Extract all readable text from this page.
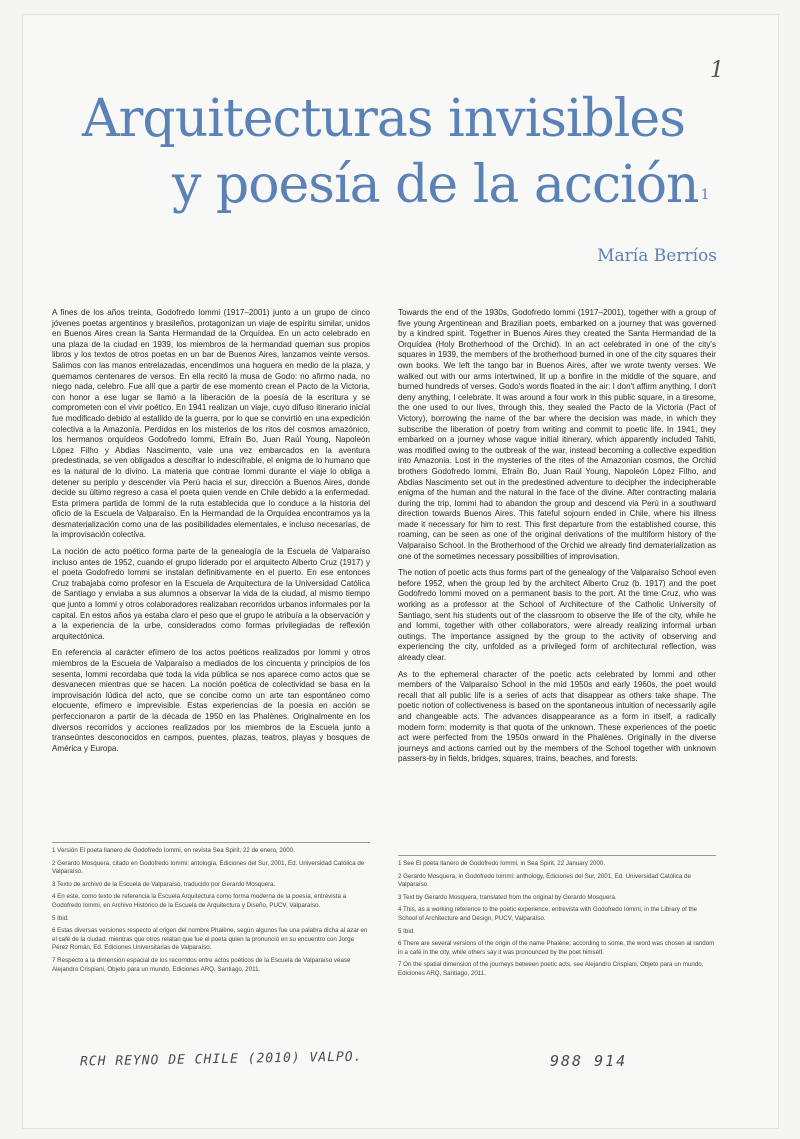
1
Arquitecturas invisibles
y poesía de la acción $^1$
María Berríos

A fines de los años treinta, Godofredo Iommi (1917–2001) junto a un grupo de cinco jóvenes poetas argentinos y brasileños, protagonizan un viaje de espíritu similar, unidos en Buenos Aires crean la Santa Hermandad de la Orquídea. En un acto celebrado en una plaza de la ciudad en 1939, los miembros de la hermandad queman sus propios libros y los textos de otros poetas en un bar de Buenos Aires, lanzamos veinte versos. Salimos con las manos entrelazadas, encendimos una hoguera en medio de la plaza, y quemamos centenares de versos. En ella recitó la musa de Godo: no afirmo nada, no niego nada, celebro. Fue allí que a partir de ese momento crean el Pacto de la Victoria, con honor a ese lugar se llamó a la liberación de la poesía de la escritura y se comprometen con el vivir poético. En 1941 realizan un viaje, cuyo difuso itinerario inicial fue modificado debido al estallido de la guerra, por lo que se convirtió en una expedición colectiva a la Amazonía. Perdidos en los misterios de los ritos del cosmos amazónico, los hermanos orquídeos Godofredo Iommi, Efraín Bo, Juan Raúl Young, Napoleón López Filho y Abdias Nascimento, vale una vez embarcados en la aventura predestinada, se ven obligados a descifrar lo indescifrable, el enigma de lo humano que es la natural de lo divino. La materia que contrae Iommi durante el viaje lo obliga a detener su periplo y descender vía Perú hacia el sur, dirección a Buenos Aires, donde decide su último regreso a casa el poeta quien vende en Chile debido a la enfermedad. Esta primera partida de Iommi de la ruta establecida que lo conduce a la historia del oficio de la Escuela de Valparaíso. En la Hermandad de la Orquídea encontramos ya la desmaterialización como una de las posibilidades elementales, e incluso necesarias, de la improvisación colectiva.

La noción de acto poético forma parte de la genealogía de la Escuela de Valparaíso incluso antes de 1952, cuando el grupo liderado por el arquitecto Alberto Cruz (1917) y el poeta Godofredo Iommi se instalan definitivamente en el puerto. En ese entonces Cruz trabajaba como profesor en la Escuela de Arquitectura de la Universidad Católica de Santiago y enviaba a sus alumnos a observar la vida de la ciudad, al mismo tiempo que junto a Iommi y otros colaboradores realizaban recorridos urbanos informales por la capital. En estos años ya estaba claro el peso que el grupo le atribuía a la observación y a la experiencia de la urbe, considerados como formas privilegiadas de reflexión arquitectónica.

En referencia al carácter efímero de los actos poéticos realizados por Iommi y otros miembros de la Escuela de Valparaíso a mediados de los cincuenta y principios de los sesenta, Iommi recordaba que toda la vida pública se nos aparece como actos que se desvanecen mientras que se hacen. La noción poética de colectividad se basa en la improvisación lúdica del acto, que se concibe como un arte tan espontáneo como elocuente, efímero e imprevisible. Estas experiencias de la poesía en acción se perfeccionaron a partir de la década de 1950 en las Phalènes. Originalmente en los diversos recorridos y acciones realizados por los miembros de la Escuela junto a transeúntes desconocidos en campos, puentes, plazas, teatros, playas y bosques de América y Europa.

Towards the end of the 1930s, Godofredo Iommi (1917–2001), together with a group of five young Argentinean and Brazilian poets, embarked on a journey that was governed by a kindred spirit. Together in Buenos Aires they created the Santa Hermandad de la Orquídea (Holy Brotherhood of the Orchid). In an act celebrated in one of the city's squares in 1939, the members of the brotherhood burned in one of the city squares their own books. We left the tango bar in Buenos Aires, after we wrote twenty verses. We walked out with our arms intertwined, lit up a bonfire in the middle of the square, and burned hundreds of verses. Godo's words floated in the air: I don't affirm anything, I don't deny anything, I celebrate. It was around a four work in this public square, in a tiresome, the one used to our lives, through this, they sealed the Pacto de la Victoria (Pact of Victory), borrowing the name of the bar where the decision was made, in which they subscribe the liberation of poetry from writing and commit to poetic life. In 1941, they embarked on a journey whose vague initial itinerary, which apparently included Tahiti, was modified owing to the outbreak of the war, instead becoming a collective expedition into Amazonia. Lost in the mysteries of the rites of the Amazonian cosmos, the Orchid brothers Godofredo Iommi, Efraín Bo, Juan Raúl Young, Napoleón López Filho, and Abdias Nascimento set out in the predestined adventure to decipher the indecipherable enigma of the human and the natural in the face of the divine. After contracting malaria during the trip, Iommi had to abandon the group and descend via Perú in a southward direction towards Buenos Aires. This fateful sojourn ended in Chile, where his illness made it necessary for him to rest. This first departure from the established course, this roaming, can be seen as one of the original derivations of the multiform history of the Valparaíso School. In the Brotherhood of the Orchid we already find dematerialization as one of the sometimes necessary possibilities of improvisation.

The notion of poetic acts thus forms part of the genealogy of the Valparaíso School even before 1952, when the group led by the architect Alberto Cruz (b. 1917) and the poet Godofredo Iommi moved on a permanent basis to the port. At the time Cruz, who was working as a professor at the School of Architecture of the Catholic University of Santiago, sent his students out of the classroom to observe the life of the city, while he and Iommi, together with other collaborators, were already realizing informal urban outings. The importance assigned by the group to the activity of observing and experiencing the city, unfolded as a privileged form of architectural reflection, was already clear.

As to the ephemeral character of the poetic acts celebrated by Iommi and other members of the Valparaíso School in the mid 1950s and early 1960s, the poet would recall that all public life is a series of acts that disappear as others take shape. The poetic notion of collectiveness is based on the spontaneous intuition of necessarily agile and changeable acts. The advances disappearance as a form in itself, a radically modern form: modernity is that quota of the unknown. These experiences of the poetic act were perfected from the 1950s onward in the Phalènes. Originally in the diverse journeys and actions carried out by the members of the School together with unknown passers-by in fields, bridges, squares, trains, beaches, and forests.

1 Versión El poeta llanero de Godofredo Iommi, en revista Sea Spirit, 22 de enero, 2000.

2 Gerardo Mosquera, citado en Godofredo Iommi: antología, Ediciones del Sur, 2001, Ed. Universidad Católica de Valparaíso.

3 Texto de archivo de la Escuela de Valparaíso, traducido por Gerardo Mosquera.

4 En este, como texto de referencia la Escuela Arquitectura como forma moderna de la poesía, entrevista a Godofredo Iommi, en Archivo Histórico de la Escuela de Arquitectura y Diseño, PUCV, Valparaíso.

5 Ibid.

6 Estas diversas versiones respecto al origen del nombre Phalène, según algunos fue una palabra dicha al azar en el café de la ciudad, mientras que otros relatan que fue el poeta quien la pronunció en su encuentro con Jorge Pérez Román, Ed. Ediciones Universitarias de Valparaíso.

7 Respecto a la dimensión espacial de los recorridos entre actos poéticos de la Escuela de Valparaíso véase Alejandro Crispiani, Objeto para un mundo, Ediciones ARQ, Santiago, 2011.

1 See El poeta llanero de Godofredo Iommi, in Sea Spirit, 22 January 2000.

2 Gerardo Mosquera, in Godofredo Iommi: anthology, Ediciones del Sur, 2001, Ed. Universidad Católica de Valparaíso.

3 Text by Gerardo Mosquera, translated from the original by Gerardo Mosquera.

4 This, as a working reference to the poetic experience, entrevista with Godofredo Iommi, in the Library of the School of Architecture and Design, PUCV, Valparaíso.

5 Ibid.

6 There are several versions of the origin of the name Phalène; according to some, the word was chosen at random in a café in the city, while others say it was pronounced by the poet himself.

7 On the spatial dimension of the journeys between poetic acts, see Alejandro Crispiani, Objeto para un mundo, Ediciones ARQ, Santiago, 2011.

RCH REYNO DE CHILE (2010) VALPO.	988 914
